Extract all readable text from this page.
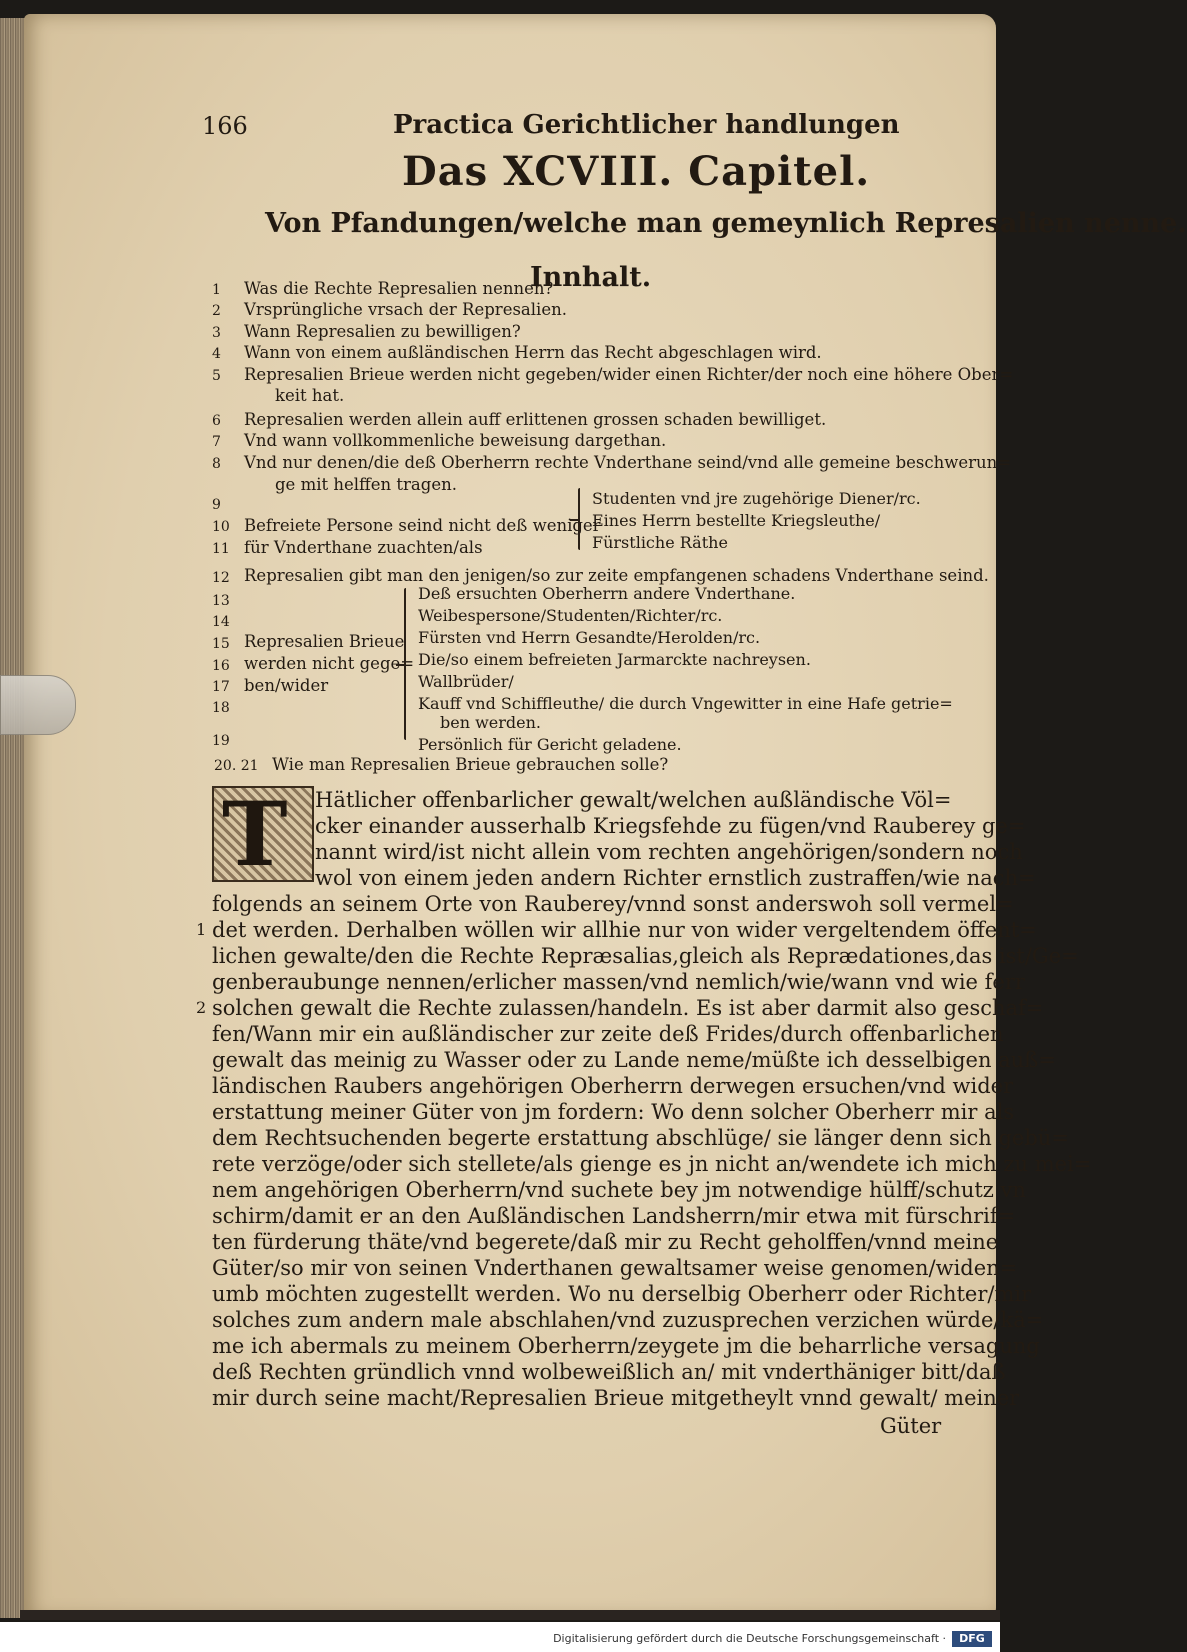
166	Practica Gerichtlicher handlungen
Das XCVIII. Capitel.
Von Pfandungen/welche man gemeynlich Represalien nenne.
Innhalt.
1 Was die Rechte Represalien nennen?
2 Vrsprüngliche vrsach der Represalien.
3 Wann Represalien zu bewilligen?
4 Wann von einem außländischen Herrn das Recht abgeschlagen wird.
5 Represalien Brieue werden nicht gegeben/wider einen Richter/der noch eine höhere Ober=
keit hat.
6 Represalien werden allein auff erlittenen grossen schaden bewilliget.
7 Vnd wann vollkommenliche beweisung dargethan.
8 Vnd nur denen/die deß Oberherrn rechte Vnderthane seind/vnd alle gemeine beschwerun=
ge mit helffen tragen.
9
10
11
Befreiete Persone seind nicht deß weniger
für Vnderthane zuachten/als
Studenten vnd jre zugehörige Diener/rc.
Eines Herrn bestellte Kriegsleuthe/
Fürstliche Räthe
12 Represalien gibt man den jenigen/so zur zeite empfangenen schadens Vnderthane seind.
13
14
15
16
17
18
19
Represalien Brieue
werden nicht gege=
ben/wider
Deß ersuchten Oberherrn andere Vnderthane.
Weibespersone/Studenten/Richter/rc.
Fürsten vnd Herrn Gesandte/Herolden/rc.
Die/so einem befreieten Jarmarckte nachreysen.
Wallbrüder/
Kauff vnd Schiffleuthe/ die durch Vngewitter in eine Hafe getrie=
ben werden.
Persönlich für Gericht geladene.
20. 21 Wie man Represalien Brieue gebrauchen solle?
T Hätlicher offenbarlicher gewalt/welchen außländische Völ=
cker einander ausserhalb Kriegsfehde zu fügen/vnd Rauberey ge=
nannt wird/ist nicht allein vom rechten angehörigen/sondern noch
wol von einem jeden andern Richter ernstlich zustraffen/wie nach=
folgends an seinem Orte von Rauberey/vnnd sonst anderswoh soll vermel=
1 det werden. Derhalben wöllen wir allhie nur von wider vergeltendem öffent=
lichen gewalte/den die Rechte Repræsalias,gleich als Reprædationes,das ist/Ge=
genberaubunge nennen/erlicher massen/vnd nemlich/wie/wann vnd wie ferr
2 solchen gewalt die Rechte zulassen/handeln. Es ist aber darmit also geschaf=
fen/Wann mir ein außländischer zur zeite deß Frides/durch offenbarlichen
gewalt das meinig zu Wasser oder zu Lande neme/müßte ich desselbigen auß=
ländischen Raubers angehörigen Oberherrn derwegen ersuchen/vnd wider
erstattung meiner Güter von jm fordern: Wo denn solcher Oberherr mir als
dem Rechtsuchenden begerte erstattung abschlüge/ sie länger denn sich gebü=
rete verzöge/oder sich stellete/als gienge es jn nicht an/wendete ich mich zu mei=
nem angehörigen Oberherrn/vnd suchete bey jm notwendige hülff/schutz vn
schirm/damit er an den Außländischen Landsherrn/mir etwa mit fürschrif=
ten fürderung thäte/vnd begerete/daß mir zu Recht geholffen/vnnd meine
Güter/so mir von seinen Vnderthanen gewaltsamer weise genomen/widen=
umb möchten zugestellt werden. Wo nu derselbig Oberherr oder Richter/mir
solches zum andern male abschlahen/vnd zuzusprechen verzichen würde/kä=
me ich abermals zu meinem Oberherrn/zeygete jm die beharrliche versagung
deß Rechten gründlich vnnd wolbeweißlich an/ mit vnderthäniger bitt/daß
mir durch seine macht/Represalien Brieue mitgetheylt vnnd gewalt/ meiner
Güter
Digitalisierung gefördert durch die Deutsche Forschungsgemeinschaft ·	DFG
